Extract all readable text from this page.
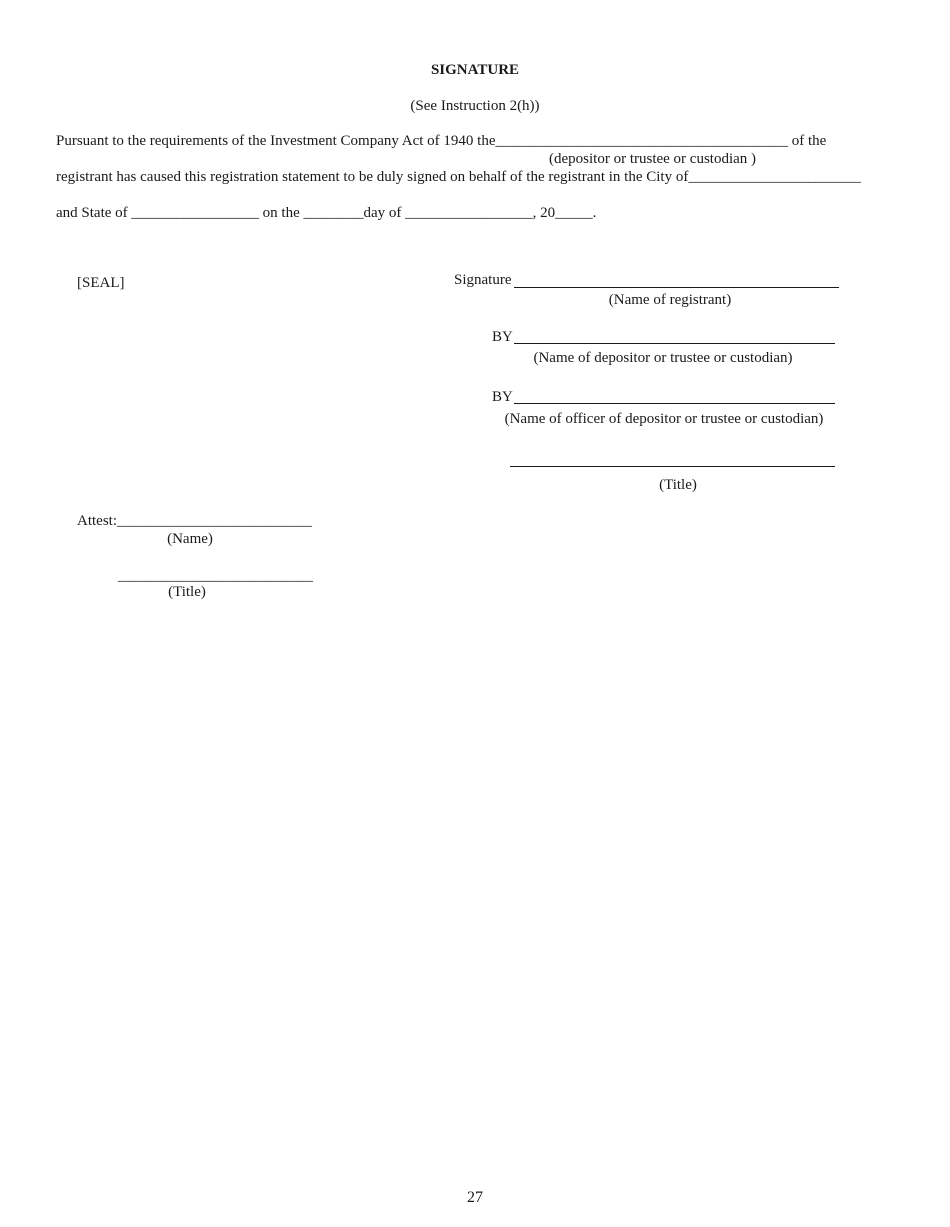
SIGNATURE
(See Instruction 2(h))
Pursuant to the requirements of the Investment Company Act of 1940 the_______________________________________ of the
(depositor or trustee or custodian )
registrant has caused this registration statement to be duly signed on behalf of the registrant in the City of_______________________
and State of _________________ on the ________day of _________________, 20_____.
[SEAL]	Signature
(Name of registrant)
BY
(Name of depositor or trustee or custodian)
BY
(Name of officer of depositor or trustee or custodian)
(Title)
Attest:__________________________
(Name)
__________________________
(Title)
27
